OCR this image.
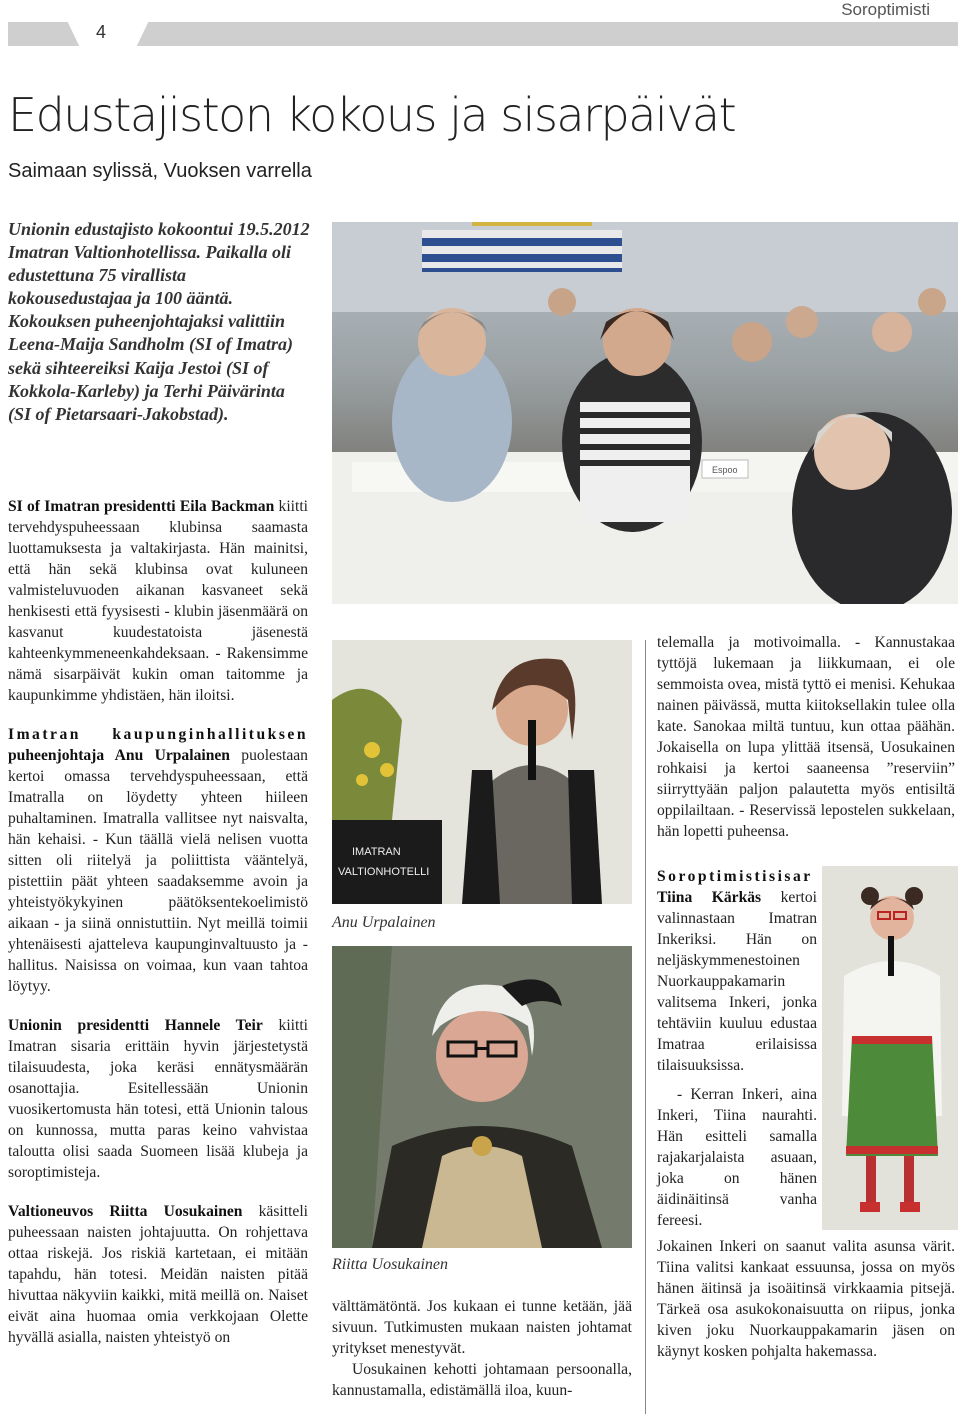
4
Soroptimisti
Edustajiston kokous ja sisarpäivät
Saimaan sylissä, Vuoksen varrella
Unionin edustajisto kokoontui 19.5.2012 Imatran Valtionhotellissa. Paikalla oli edustettuna 75 virallista kokousedustajaa ja 100 ääntä. Kokouksen puheenjohtajaksi valittiin Leena-Maija Sandholm (SI of Imatra) sekä sihteereiksi Kaija Jestoi (SI of Kokkola-Karleby) ja Terhi Päivärinta (SI of Pietarsaari-Jakobstad).

SI of Imatran presidentti Eila Backman kiitti tervehdyspuheessaan klubinsa saamasta luottamuksesta ja valtakirjasta. Hän mainitsi, että hän sekä klubinsa ovat kuluneen valmisteluvuoden aikanan kasvaneet sekä henkisesti että fyysisesti - klubin jäsenmäärä on kasvanut kuudestatoista jäsenestä kahteenkymmeneenkahdeksaan. - Rakensimme nämä sisarpäivät kukin oman taitomme ja kaupunkimme yhdistäen, hän iloitsi.

Imatran kaupunginhallituksen puheenjohtaja Anu Urpalainen puolestaan kertoi omassa tervehdyspuheessaan, että Imatralla on löydetty yhteen hiileen puhaltaminen. Imatralla vallitsee nyt naisvalta, hän kehaisi. - Kun täällä vielä nelisen vuotta sitten oli riitelyä ja poliittista vääntelyä, pistettiin päät yhteen saadaksemme avoin ja yhteistyökykyinen päätöksentekoelimistö aikaan - ja siinä onnistuttiin. Nyt meillä toimii yhtenäisesti ajatteleva kaupunginvaltuusto ja -hallitus. Naisissa on voimaa, kun vaan tahtoa löytyy.

Unionin presidentti Hannele Teir kiitti Imatran sisaria erittäin hyvin järjestetystä tilaisuudesta, joka keräsi ennätysmäärän osanottajia. Esitellessään Unionin vuosikertomusta hän totesi, että Unionin talous on kunnossa, mutta paras keino vahvistaa taloutta olisi saada Suomeen lisää klubeja ja soroptimisteja.

Valtioneuvos Riitta Uosukainen käsitteli puheessaan naisten johtajuutta. On rohjettava ottaa riskejä. Jos riskiä kartetaan, ei mitään tapahdu, hän totesi. Meidän naisten pitää hivuttaa näkyviin kaikki, mitä meillä on. Naiset eivät aina huomaa omia verkkojaan Olette hyvällä asialla, naisten yhteistyö on

Espoo
IMATRAN
VALTIONHOTELLI
Anu Urpalainen
Riitta Uosukainen

välttämätöntä. Jos kukaan ei tunne ketään, jää sivuun. Tutkimusten mukaan naisten johtamat yritykset menestyvät.

Uosukainen kehotti johtamaan persoonalla, kannustamalla, edistämällä iloa, kuun-

telemalla ja motivoimalla. - Kannustakaa tyttöjä lukemaan ja liikkumaan, ei ole semmoista ovea, mistä tyttö ei menisi. Kehukaa nainen päivässä, mutta kiitoksellakin tulee olla kate. Sanokaa miltä tuntuu, kun ottaa päähän. Jokaisella on lupa ylittää itsensä, Uosukainen rohkaisi ja kertoi saaneensa ”reserviin” siirryttyään paljon palautetta myös entisiltä oppilailtaan. - Reservissä lepostelen sukkelaan, hän lopetti puheensa.

Soroptimistisisar Tiina Kärkäs kertoi valinnastaan Imatran Inkeriksi. Hän on neljäskymmenestoinen Nuorkauppakamarin valitsema Inkeri, jonka tehtäviin kuuluu edustaa Imatraa erilaisissa tilaisuuksissa.

- Kerran Inkeri, aina Inkeri, Tiina naurahti. Hän esitteli samalla rajakarjalaista asuaan, joka on hänen äidinäitinsä vanha fereesi.

Jokainen Inkeri on saanut valita asunsa värit. Tiina valitsi kankaat essuunsa, jossa on myös hänen äitinsä ja isoäitinsä virkkaamia pitsejä. Tärkeä osa asukokonaisuutta on riipus, jonka kiven joku Nuorkauppakamarin jäsen on käynyt kosken pohjalta hakemassa.
